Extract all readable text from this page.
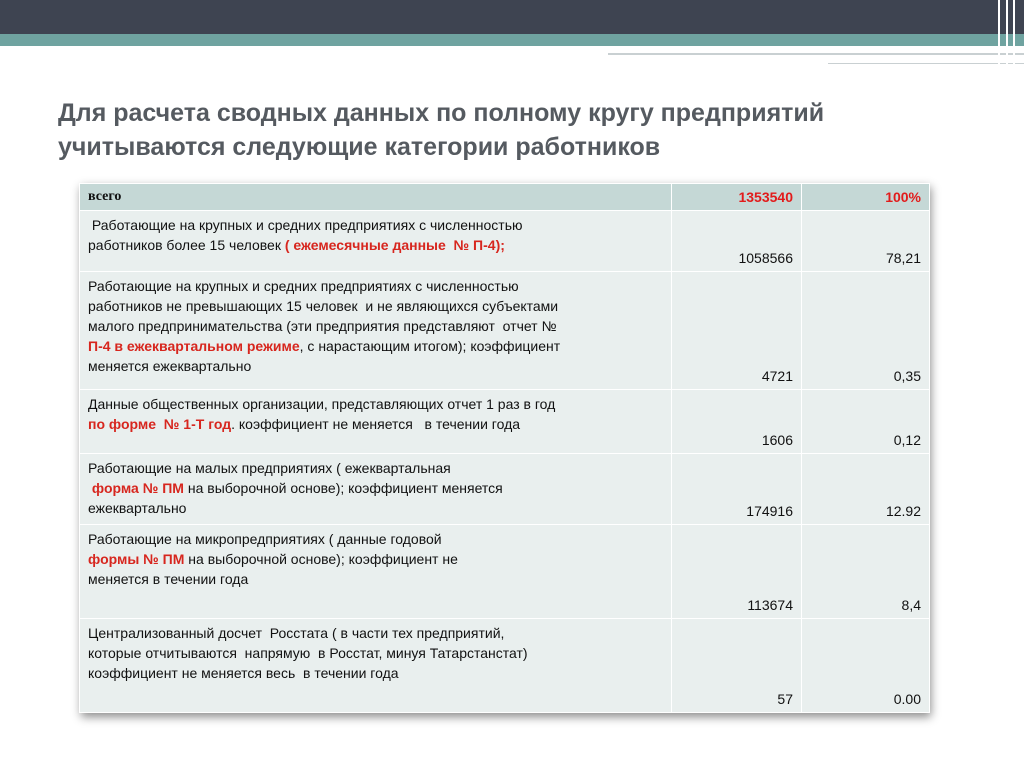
Для расчета сводных данных по полному кругу предприятий
учитываются следующие категории работников
всего	1353540	100%

Работающие на крупных и средних предприятиях с численностью
работников более 15 человек ( ежемесячные данные  № П-4);	1058566	78,21

Работающие на крупных и средних предприятиях с численностью
работников не превышающих 15 человек  и не являющихся субъектами
малого предпринимательства (эти предприятия представляют  отчет №
П-4 в ежеквартальном режиме, с нарастающим итогом); коэффициент
меняется ежеквартально	4721	0,35

Данные общественных организации, представляющих отчет 1 раз в год
по форме  № 1-Т год. коэффициент не меняется   в течении года	1606	0,12

Работающие на малых предприятиях ( ежеквартальная
форма № ПМ на выборочной основе); коэффициент меняется
ежеквартально	174916	12.92

Работающие на микропредприятиях ( данные годовой
формы № ПМ на выборочной основе); коэффициент не
меняется в течении года	113674	8,4

Централизованный досчет  Росстата ( в части тех предприятий,
которые отчитываются  напрямую  в Росстат, минуя Татарстанстат)
коэффициент не меняется весь  в течении года	57	0.00
